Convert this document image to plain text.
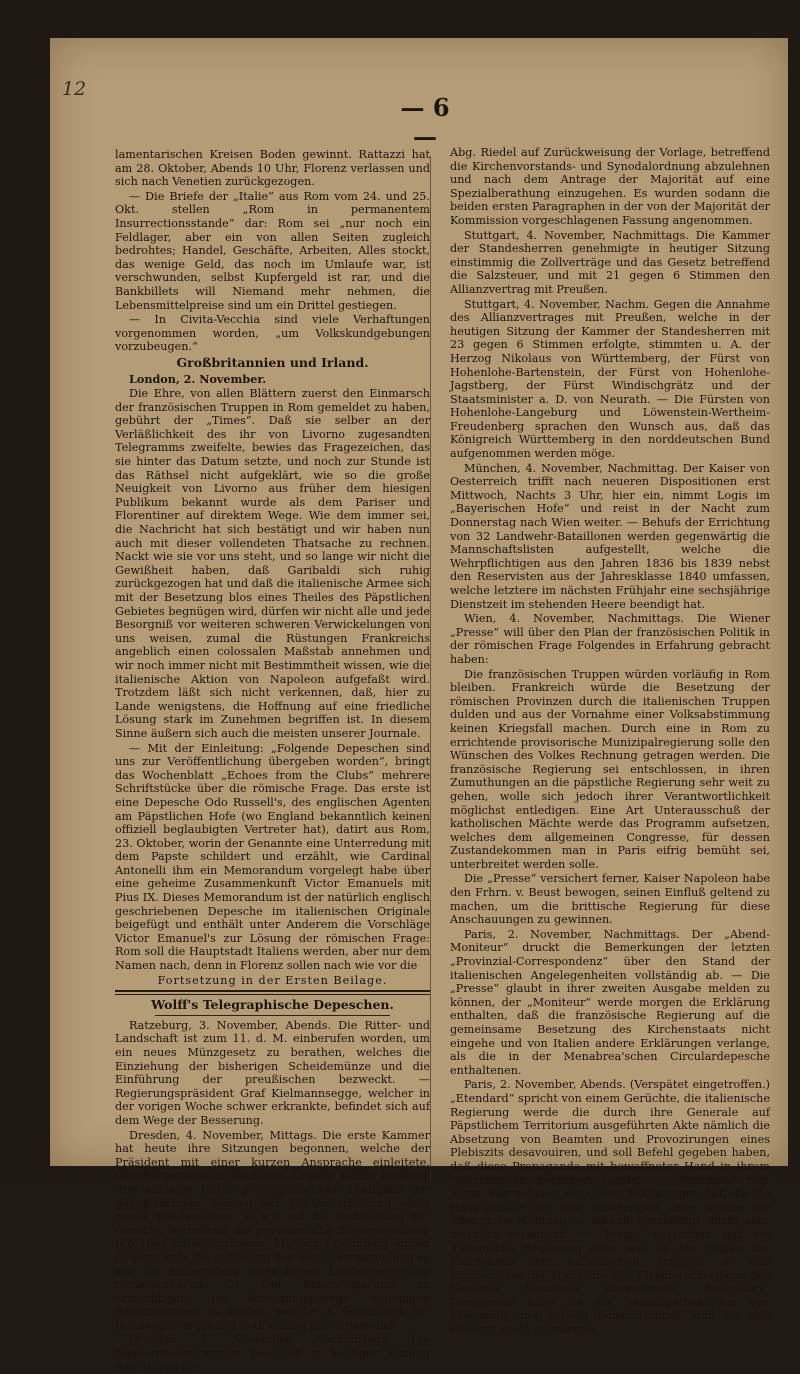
12
— 6 —

lamentarischen Kreisen Boden gewinnt. Rattazzi hat am 28. Oktober, Abends 10 Uhr, Florenz verlassen und sich nach Venetien zurückgezogen.

— Die Briefe der „Italie“ aus Rom vom 24. und 25. Okt. stellen „Rom in permanentem Insurrectionsstande“ dar: Rom sei „nur noch ein Feldlager, aber ein von allen Seiten zugleich bedrohtes; Handel, Geschäfte, Arbeiten, Alles stockt, das wenige Geld, das noch im Umlaufe war, ist verschwunden, selbst Kupfergeld ist rar, und die Bankbillets will Niemand mehr nehmen, die Lebensmittelpreise sind um ein Drittel gestiegen.

— In Civita-Vecchia sind viele Verhaftungen vorgenommen worden, „um Volkskundgebungen vorzubeugen.“

Großbritannien und Irland.

London, 2. November.

Die Ehre, von allen Blättern zuerst den Einmarsch der französischen Truppen in Rom gemeldet zu haben, gebührt der „Times“. Daß sie selber an der Verläßlichkeit des ihr von Livorno zugesandten Telegramms zweifelte, bewies das Fragezeichen, das sie hinter das Datum setzte, und noch zur Stunde ist das Räthsel nicht aufgeklärt, wie so die große Neuigkeit von Livorno aus früher dem hiesigen Publikum bekannt wurde als dem Pariser und Florentiner auf direktem Wege. Wie dem immer sei, die Nachricht hat sich bestätigt und wir haben nun auch mit dieser vollendeten Thatsache zu rechnen. Nackt wie sie vor uns steht, und so lange wir nicht die Gewißheit haben, daß Garibaldi sich ruhig zurückgezogen hat und daß die italienische Armee sich mit der Besetzung blos eines Theiles des Päpstlichen Gebietes begnügen wird, dürfen wir nicht alle und jede Besorgniß vor weiteren schweren Verwickelungen von uns weisen, zumal die Rüstungen Frankreichs angeblich einen colossalen Maßstab annehmen und wir noch immer nicht mit Bestimmtheit wissen, wie die italienische Aktion von Napoleon aufgefaßt wird. Trotzdem läßt sich nicht verkennen, daß, hier zu Lande wenigstens, die Hoffnung auf eine friedliche Lösung stark im Zunehmen begriffen ist. In diesem Sinne äußern sich auch die meisten unserer Journale.

— Mit der Einleitung: „Folgende Depeschen sind uns zur Veröffentlichung übergeben worden“, bringt das Wochenblatt „Echoes from the Clubs“ mehrere Schriftstücke über die römische Frage. Das erste ist eine Depesche Odo Russell's, des englischen Agenten am Päpstlichen Hofe (wo England bekanntlich keinen offiziell beglaubigten Vertreter hat), datirt aus Rom, 23. Oktober, worin der Genannte eine Unterredung mit dem Papste schildert und erzählt, wie Cardinal Antonelli ihm ein Memorandum vorgelegt habe über eine geheime Zusammenkunft Victor Emanuels mit Pius IX. Dieses Memorandum ist der natürlich englisch geschriebenen Depesche im italienischen Originale beigefügt und enthält unter Anderem die Vorschläge Victor Emanuel's zur Lösung der römischen Frage: Rom soll die Hauptstadt Italiens werden, aber nur dem Namen nach, denn in Florenz sollen nach wie vor die

Fortsetzung in der Ersten Beilage.

Wolff's Telegraphische Depeschen.

Ratzeburg, 3. November, Abends. Die Ritter- und Landschaft ist zum 11. d. M. einberufen worden, um ein neues Münzgesetz zu berathen, welches die Einziehung der bisherigen Scheidemünze und die Einführung der preußischen bezweckt. — Regierungspräsident Graf Kielmannsegge, welcher in der vorigen Woche schwer erkrankte, befindet sich auf dem Wege der Besserung.

Dresden, 4. November, Mittags. Die erste Kammer hat heute ihre Sitzungen begonnen, welche der Präsident mit einer kurzen Ansprache einleitete. Oberbürgermeister Koch aus Leipzig stellte folgende drei Anträge: 1) die gesetzgeberische Thätigkeit der gegenwärtigen Session auf die Ausarbeitung eines neuen Wahlgesetzes, so wie auf die Feststellung der Gesetze, betreffend die provisorische Steuererhebung pro 1868 zu beschränken. 2) Nach Erledigung obiger Gegenstände die Auflösung der Ständeversammlung so wie die Einberufung einer neuen Landesvertretung herbeizuführen. 3) Die Staatsregierung zu ermächtigen, im Verordnungswege diejenigen Bestimmungen zu treffen, welche in Gemäßheit der Bundesgesetzgebung nothwendig geworden sind.

Dresden, 4. November, Nachmittags. Die Abgeordnetenkammer beschloß in heutiger Sitzung den Antrag des

Abg. Riedel auf Zurückweisung der Vorlage, betreffend die Kirchenvorstands- und Synodalordnung abzulehnen und nach dem Antrage der Majorität auf eine Spezialberathung einzugehen. Es wurden sodann die beiden ersten Paragraphen in der von der Majorität der Kommission vorgeschlagenen Fassung angenommen.

Stuttgart, 4. November, Nachmittags. Die Kammer der Standesherren genehmigte in heutiger Sitzung einstimmig die Zollverträge und das Gesetz betreffend die Salzsteuer, und mit 21 gegen 6 Stimmen den Allianzvertrag mit Preußen.

Stuttgart, 4. November, Nachm. Gegen die Annahme des Allianzvertrages mit Preußen, welche in der heutigen Sitzung der Kammer der Standesherren mit 23 gegen 6 Stimmen erfolgte, stimmten u. A. der Herzog Nikolaus von Württemberg, der Fürst von Hohenlohe-Bartenstein, der Fürst von Hohenlohe-Jagstberg, der Fürst Windischgrätz und der Staatsminister a. D. von Neurath. — Die Fürsten von Hohenlohe-Langeburg und Löwenstein-Wertheim-Freudenberg sprachen den Wunsch aus, daß das Königreich Württemberg in den norddeutschen Bund aufgenommen werden möge.

München, 4. November, Nachmittag. Der Kaiser von Oesterreich trifft nach neueren Dispositionen erst Mittwoch, Nachts 3 Uhr, hier ein, nimmt Logis im „Bayerischen Hofe“ und reist in der Nacht zum Donnerstag nach Wien weiter. — Behufs der Errichtung von 32 Landwehr-Bataillonen werden gegenwärtig die Mannschaftslisten aufgestellt, welche die Wehrpflichtigen aus den Jahren 1836 bis 1839 nebst den Reservisten aus der Jahresklasse 1840 umfassen, welche letztere im nächsten Frühjahr eine sechsjährige Dienstzeit im stehenden Heere beendigt hat.

Wien, 4. November, Nachmittags. Die Wiener „Presse“ will über den Plan der französischen Politik in der römischen Frage Folgendes in Erfahrung gebracht haben:

Die französischen Truppen würden vorläufig in Rom bleiben. Frankreich würde die Besetzung der römischen Provinzen durch die italienischen Truppen dulden und aus der Vornahme einer Volksabstimmung keinen Kriegsfall machen. Durch eine in Rom zu errichtende provisorische Munizipalregierung solle den Wünschen des Volkes Rechnung getragen werden. Die französische Regierung sei entschlossen, in ihren Zumuthungen an die päpstliche Regierung sehr weit zu gehen, wolle sich jedoch ihrer Verantwortlichkeit möglichst entledigen. Eine Art Unterausschuß der katholischen Mächte werde das Programm aufsetzen, welches dem allgemeinen Congresse, für dessen Zustandekommen man in Paris eifrig bemüht sei, unterbreitet werden solle.

Die „Presse“ versichert ferner, Kaiser Napoleon habe den Frhrn. v. Beust bewogen, seinen Einfluß geltend zu machen, um die brittische Regierung für diese Anschauungen zu gewinnen.

Paris, 2. November, Nachmittags. Der „Abend-Moniteur“ druckt die Bemerkungen der letzten „Provinzial-Correspondenz“ über den Stand der italienischen Angelegenheiten vollständig ab. — Die „Presse“ glaubt in ihrer zweiten Ausgabe melden zu können, der „Moniteur“ werde morgen die Erklärung enthalten, daß die französische Regierung auf die gemeinsame Besetzung des Kirchenstaats nicht eingehe und von Italien andere Erklärungen verlange, als die in der Menabrea'schen Circulardepesche enthaltenen.

Paris, 2. November, Abends. (Verspätet eingetroffen.) „Etendard“ spricht von einem Gerüchte, die italienische Regierung werde die durch ihre Generale auf Päpstlichem Territorium ausgeführten Akte nämlich die Absetzung von Beamten und Provozirungen eines Plebiszits desavouiren, und soll Befehl gegeben haben, daß diese Propaganda mit bewaffneter Hand in ihrem Fortschreiten gehindert werde. — „Etendard“ fügt hinzu: Wir nehmen von diesen Erklärungen Akt, die die Hauptpunkte der sehr schwierigen Lage, welche die öffentliche Meinung so lebhaft beschäftigt, nicht sehr merklich verändern. — „Temps“ versichert, daß die italienische Regierung alles, was in den Folgen des Einrückens der italienischen Truppen in den Kirchenstaat die Tragweite des Cirkularschreibens des Generals Menabrea überschreite, desavouire. Demgemäß habe sie die Munizipalbehörden von Frosinone und Velletri benachrichtigt, daß sie das Plebiszit nicht anerkenne.
